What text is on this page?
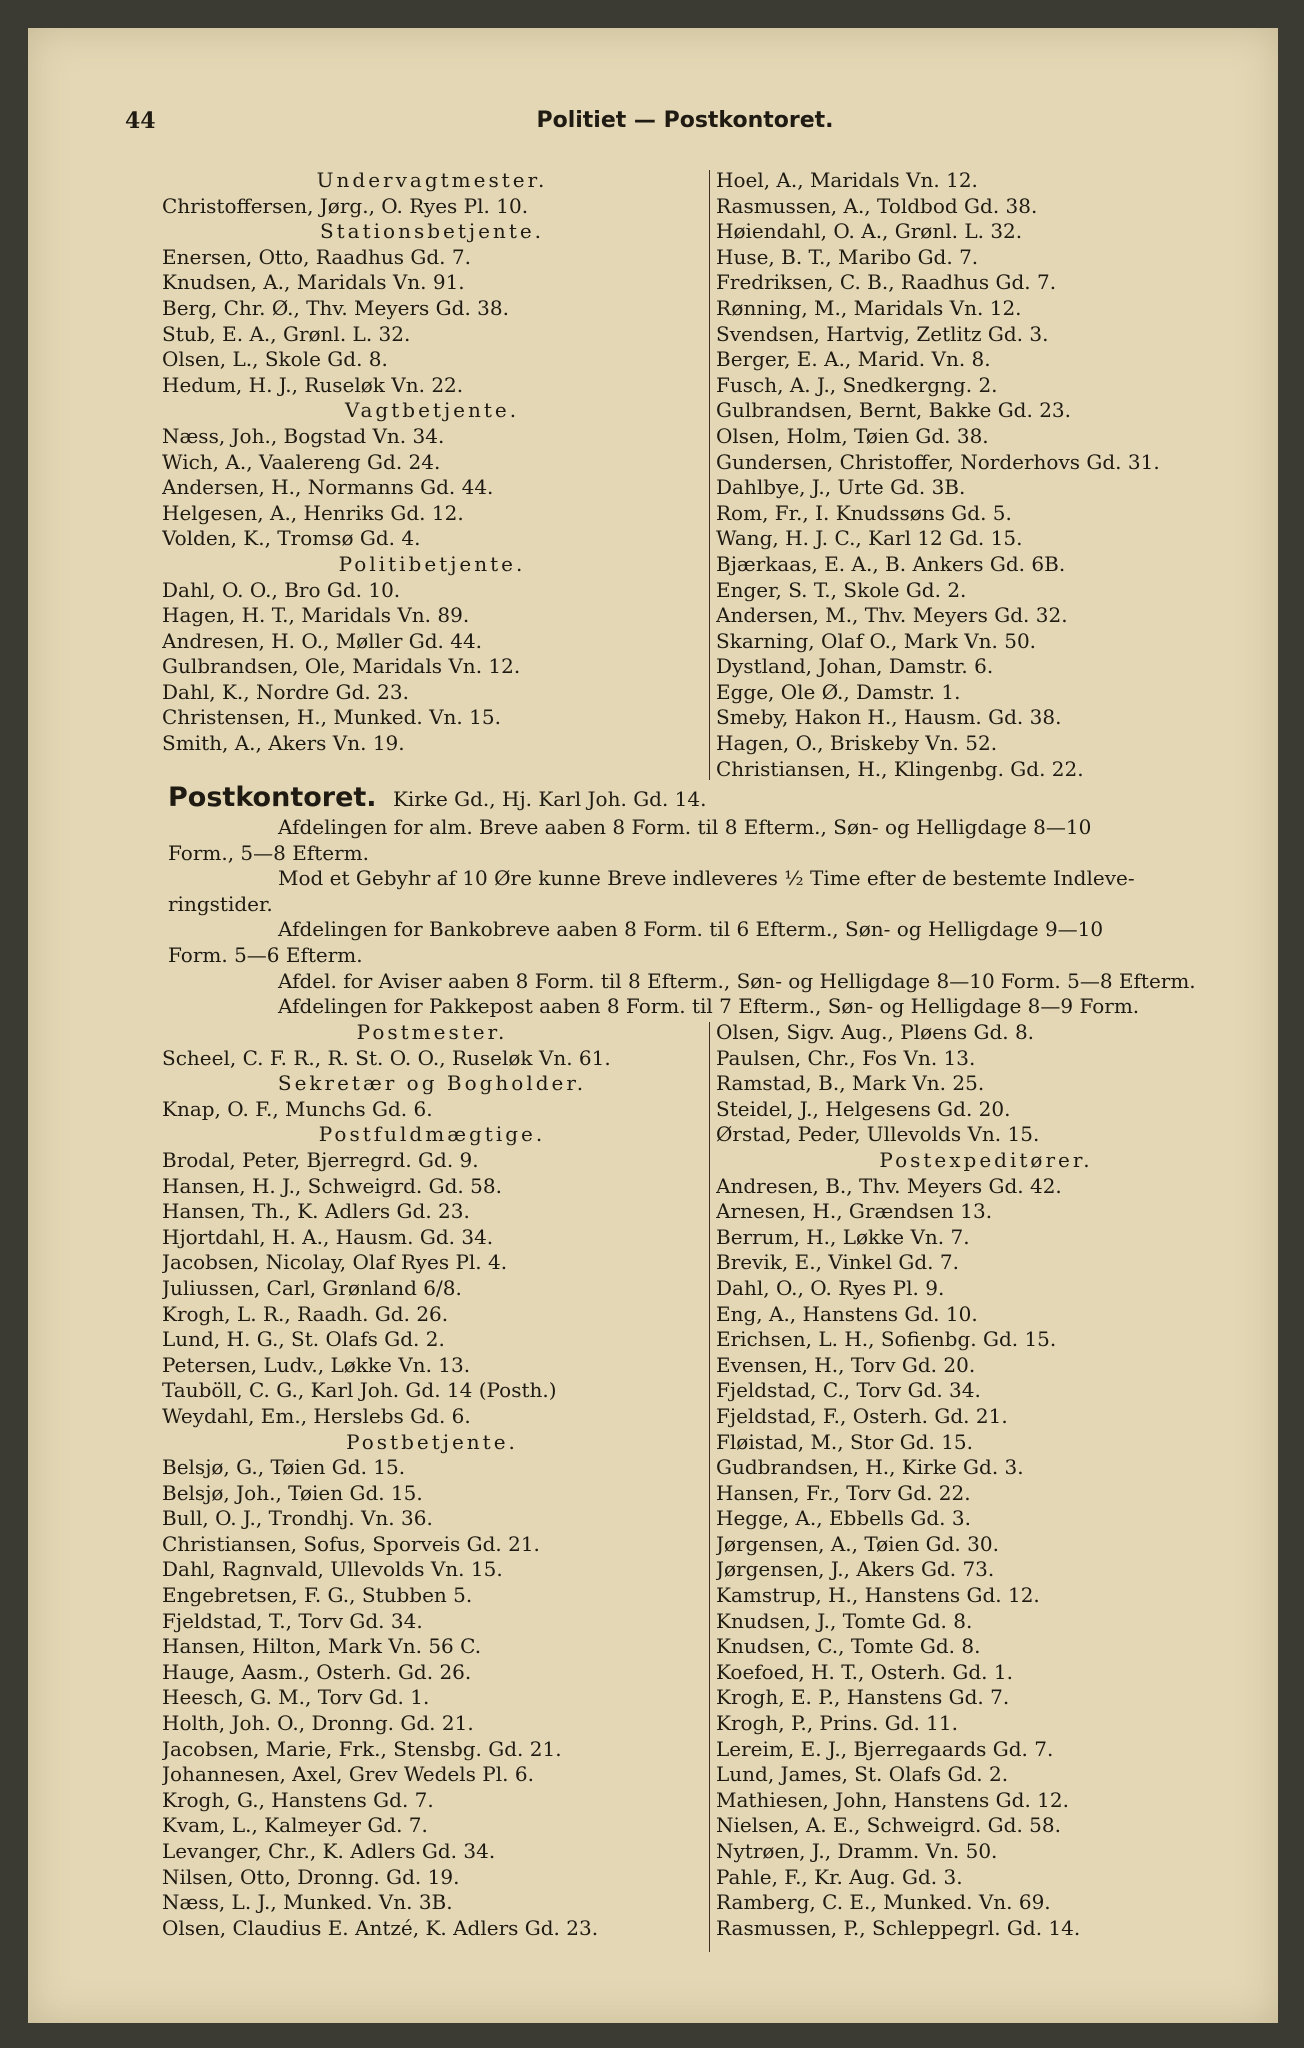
44	Politiet — Postkontoret.
Undervagtmester.
Christoffersen, Jørg., O. Ryes Pl. 10.
Stationsbetjente.
Enersen, Otto, Raadhus Gd. 7.
Knudsen, A., Maridals Vn. 91.
Berg, Chr. Ø., Thv. Meyers Gd. 38.
Stub, E. A., Grønl. L. 32.
Olsen, L., Skole Gd. 8.
Hedum, H. J., Ruseløk Vn. 22.
Vagtbetjente.
Næss, Joh., Bogstad Vn. 34.
Wich, A., Vaalereng Gd. 24.
Andersen, H., Normanns Gd. 44.
Helgesen, A., Henriks Gd. 12.
Volden, K., Tromsø Gd. 4.
Politibetjente.
Dahl, O. O., Bro Gd. 10.
Hagen, H. T., Maridals Vn. 89.
Andresen, H. O., Møller Gd. 44.
Gulbrandsen, Ole, Maridals Vn. 12.
Dahl, K., Nordre Gd. 23.
Christensen, H., Munked. Vn. 15.
Smith, A., Akers Vn. 19.
Hoel, A., Maridals Vn. 12.
Rasmussen, A., Toldbod Gd. 38.
Høiendahl, O. A., Grønl. L. 32.
Huse, B. T., Maribo Gd. 7.
Fredriksen, C. B., Raadhus Gd. 7.
Rønning, M., Maridals Vn. 12.
Svendsen, Hartvig, Zetlitz Gd. 3.
Berger, E. A., Marid. Vn. 8.
Fusch, A. J., Snedkergng. 2.
Gulbrandsen, Bernt, Bakke Gd. 23.
Olsen, Holm, Tøien Gd. 38.
Gundersen, Christoffer, Norderhovs Gd. 31.
Dahlbye, J., Urte Gd. 3B.
Rom, Fr., I. Knudssøns Gd. 5.
Wang, H. J. C., Karl 12 Gd. 15.
Bjærkaas, E. A., B. Ankers Gd. 6B.
Enger, S. T., Skole Gd. 2.
Andersen, M., Thv. Meyers Gd. 32.
Skarning, Olaf O., Mark Vn. 50.
Dystland, Johan, Damstr. 6.
Egge, Ole Ø., Damstr. 1.
Smeby, Hakon H., Hausm. Gd. 38.
Hagen, O., Briskeby Vn. 52.
Christiansen, H., Klingenbg. Gd. 22.
Postkontoret. Kirke Gd., Hj. Karl Joh. Gd. 14.
Afdelingen for alm. Breve aaben 8 Form. til 8 Efterm., Søn- og Helligdage 8—10
Form., 5—8 Efterm.
Mod et Gebyhr af 10 Øre kunne Breve indleveres ½ Time efter de bestemte Indleve-
ringstider.
Afdelingen for Bankobreve aaben 8 Form. til 6 Efterm., Søn- og Helligdage 9—10
Form. 5—6 Efterm.
Afdel. for Aviser aaben 8 Form. til 8 Efterm., Søn- og Helligdage 8—10 Form. 5—8 Efterm.
Afdelingen for Pakkepost aaben 8 Form. til 7 Efterm., Søn- og Helligdage 8—9 Form.
Postmester.
Scheel, C. F. R., R. St. O. O., Ruseløk Vn. 61.
Sekretær og Bogholder.
Knap, O. F., Munchs Gd. 6.
Postfuldmægtige.
Brodal, Peter, Bjerregrd. Gd. 9.
Hansen, H. J., Schweigrd. Gd. 58.
Hansen, Th., K. Adlers Gd. 23.
Hjortdahl, H. A., Hausm. Gd. 34.
Jacobsen, Nicolay, Olaf Ryes Pl. 4.
Juliussen, Carl, Grønland 6/8.
Krogh, L. R., Raadh. Gd. 26.
Lund, H. G., St. Olafs Gd. 2.
Petersen, Ludv., Løkke Vn. 13.
Tauböll, C. G., Karl Joh. Gd. 14 (Posth.)
Weydahl, Em., Herslebs Gd. 6.
Postbetjente.
Belsjø, G., Tøien Gd. 15.
Belsjø, Joh., Tøien Gd. 15.
Bull, O. J., Trondhj. Vn. 36.
Christiansen, Sofus, Sporveis Gd. 21.
Dahl, Ragnvald, Ullevolds Vn. 15.
Engebretsen, F. G., Stubben 5.
Fjeldstad, T., Torv Gd. 34.
Hansen, Hilton, Mark Vn. 56 C.
Hauge, Aasm., Osterh. Gd. 26.
Heesch, G. M., Torv Gd. 1.
Holth, Joh. O., Dronng. Gd. 21.
Jacobsen, Marie, Frk., Stensbg. Gd. 21.
Johannesen, Axel, Grev Wedels Pl. 6.
Krogh, G., Hanstens Gd. 7.
Kvam, L., Kalmeyer Gd. 7.
Levanger, Chr., K. Adlers Gd. 34.
Nilsen, Otto, Dronng. Gd. 19.
Næss, L. J., Munked. Vn. 3B.
Olsen, Claudius E. Antzé, K. Adlers Gd. 23.
Olsen, Sigv. Aug., Pløens Gd. 8.
Paulsen, Chr., Fos Vn. 13.
Ramstad, B., Mark Vn. 25.
Steidel, J., Helgesens Gd. 20.
Ørstad, Peder, Ullevolds Vn. 15.
Postexpeditører.
Andresen, B., Thv. Meyers Gd. 42.
Arnesen, H., Grændsen 13.
Berrum, H., Løkke Vn. 7.
Brevik, E., Vinkel Gd. 7.
Dahl, O., O. Ryes Pl. 9.
Eng, A., Hanstens Gd. 10.
Erichsen, L. H., Sofienbg. Gd. 15.
Evensen, H., Torv Gd. 20.
Fjeldstad, C., Torv Gd. 34.
Fjeldstad, F., Osterh. Gd. 21.
Fløistad, M., Stor Gd. 15.
Gudbrandsen, H., Kirke Gd. 3.
Hansen, Fr., Torv Gd. 22.
Hegge, A., Ebbells Gd. 3.
Jørgensen, A., Tøien Gd. 30.
Jørgensen, J., Akers Gd. 73.
Kamstrup, H., Hanstens Gd. 12.
Knudsen, J., Tomte Gd. 8.
Knudsen, C., Tomte Gd. 8.
Koefoed, H. T., Osterh. Gd. 1.
Krogh, E. P., Hanstens Gd. 7.
Krogh, P., Prins. Gd. 11.
Lereim, E. J., Bjerregaards Gd. 7.
Lund, James, St. Olafs Gd. 2.
Mathiesen, John, Hanstens Gd. 12.
Nielsen, A. E., Schweigrd. Gd. 58.
Nytrøen, J., Dramm. Vn. 50.
Pahle, F., Kr. Aug. Gd. 3.
Ramberg, C. E., Munked. Vn. 69.
Rasmussen, P., Schleppegrl. Gd. 14.
